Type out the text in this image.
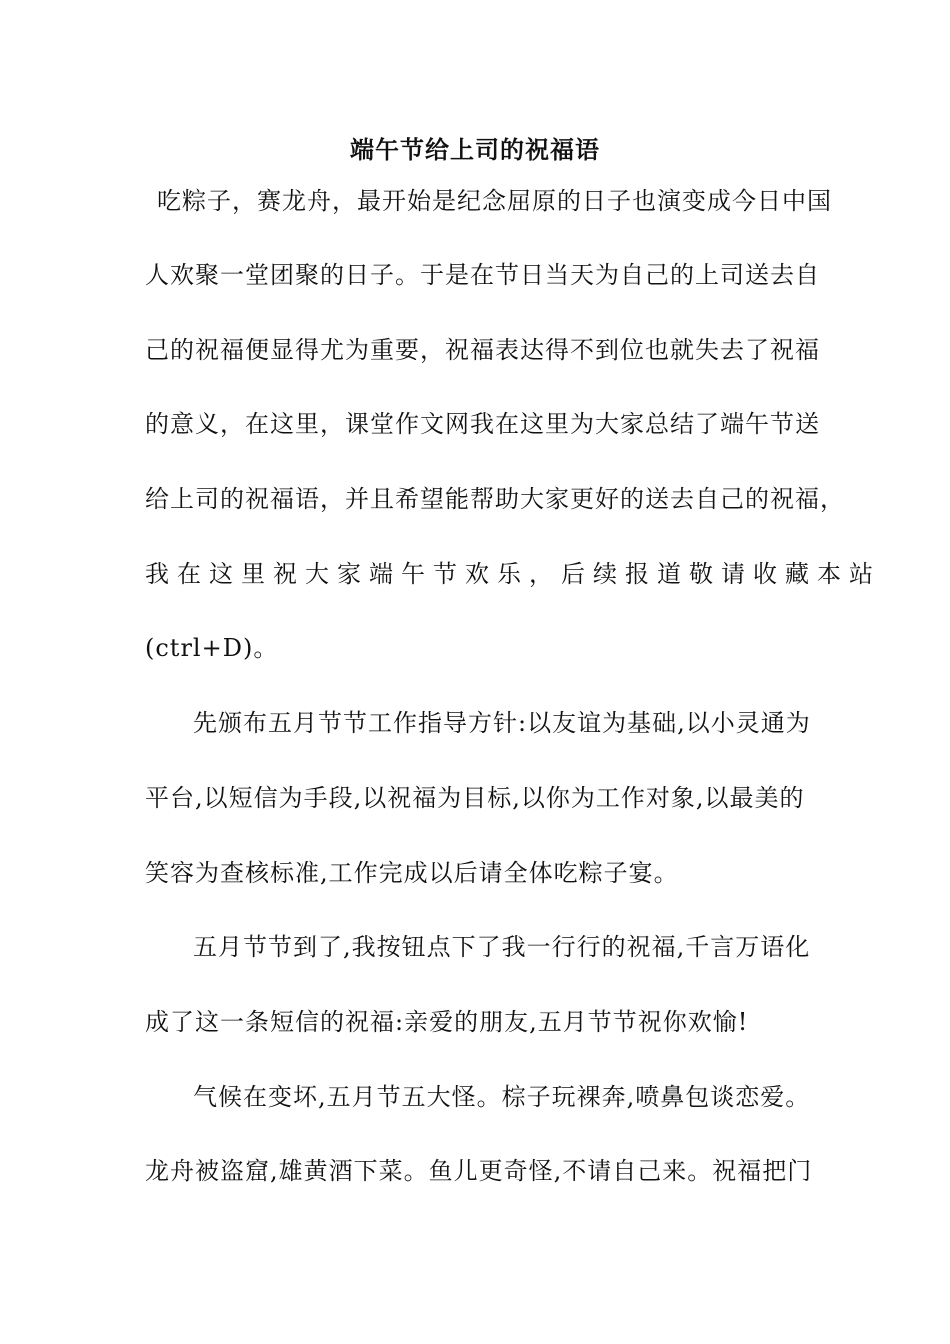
端午节给上司的祝福语
吃粽子，赛龙舟，最开始是纪念屈原的日子也演变成今日中国
人欢聚一堂团聚的日子。于是在节日当天为自己的上司送去自
己的祝福便显得尤为重要，祝福表达得不到位也就失去了祝福
的意义，在这里，课堂作文网我在这里为大家总结了端午节送
给上司的祝福语，并且希望能帮助大家更好的送去自己的祝福，
我在这里祝大家端午节欢乐，后续报道敬请收藏本站
(ctrl+D)。
先颁布五月节节工作指导方针:以友谊为基础,以小灵通为
平台,以短信为手段,以祝福为目标,以你为工作对象,以最美的
笑容为查核标准,工作完成以后请全体吃粽子宴。
五月节节到了,我按钮点下了我一行行的祝福,千言万语化
成了这一条短信的祝福:亲爱的朋友,五月节节祝你欢愉!
气候在变坏,五月节五大怪。棕子玩裸奔,喷鼻包谈恋爱。
龙舟被盗窟,雄黄酒下菜。鱼儿更奇怪,不请自己来。祝福把门
